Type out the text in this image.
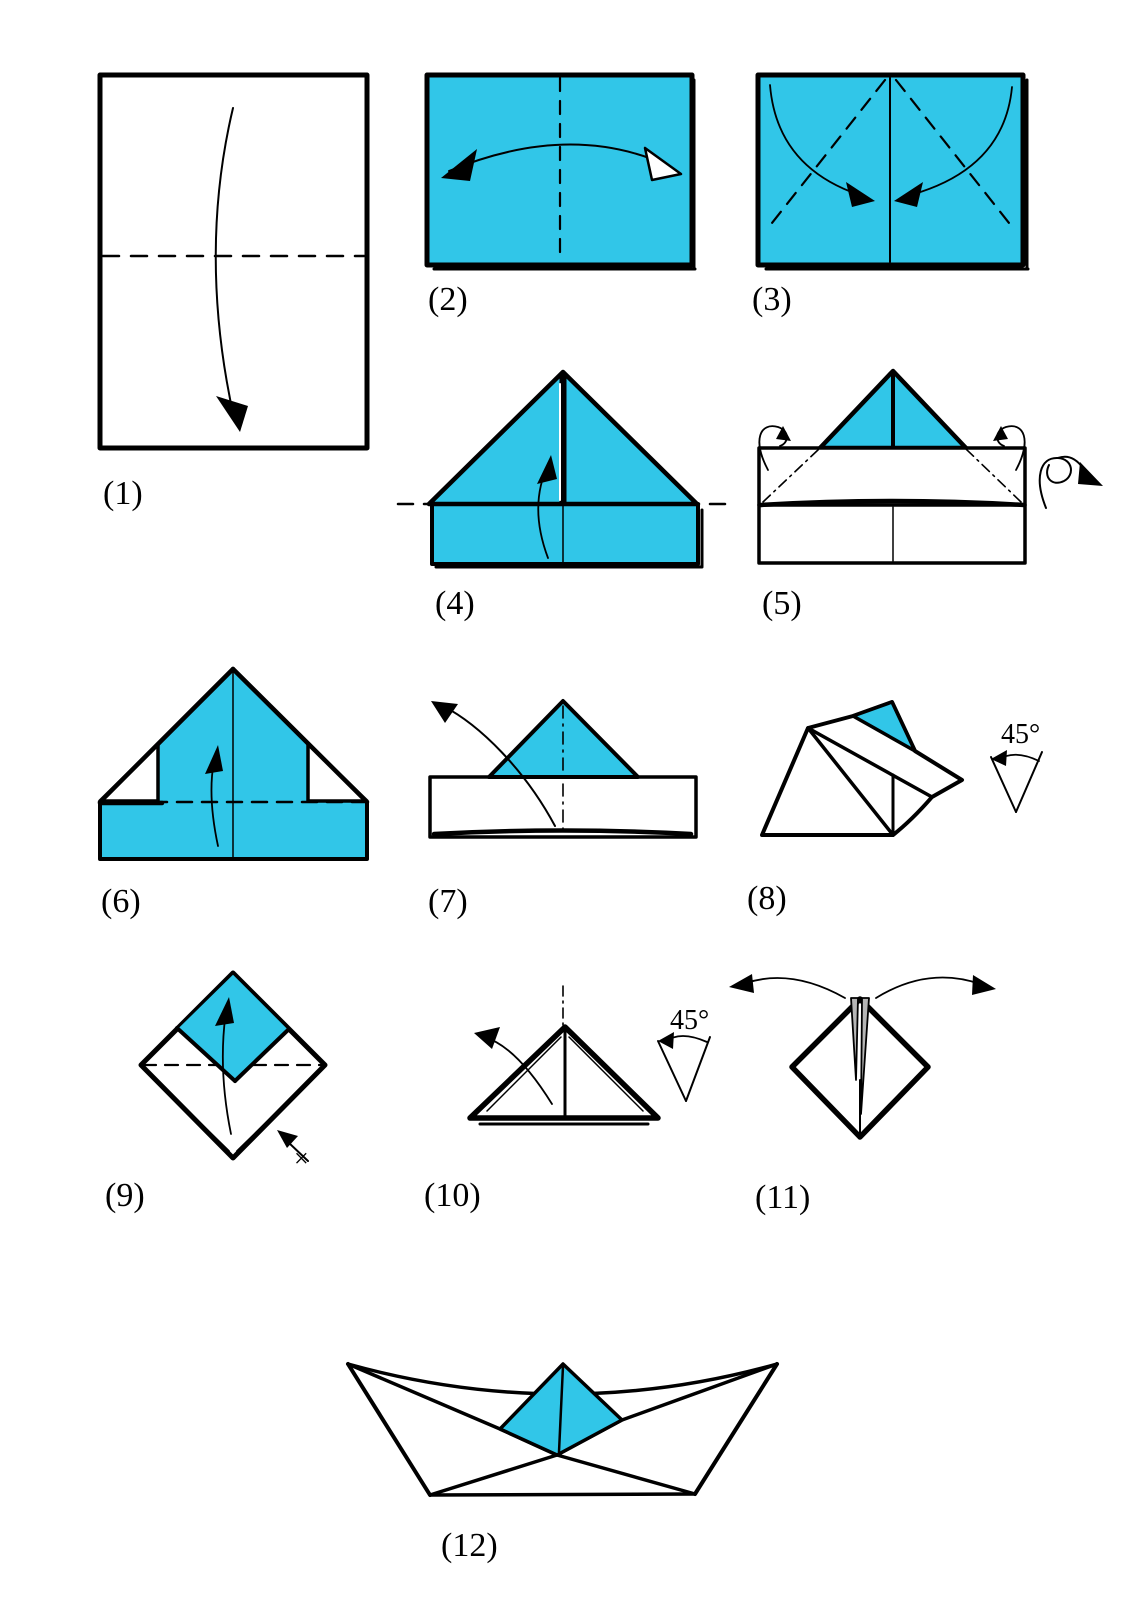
(1)
(2)	(3)
(4)	(5)
(6)	(7)	(8)
(9)	(10)	(11)
(12)
45°
45°
×
